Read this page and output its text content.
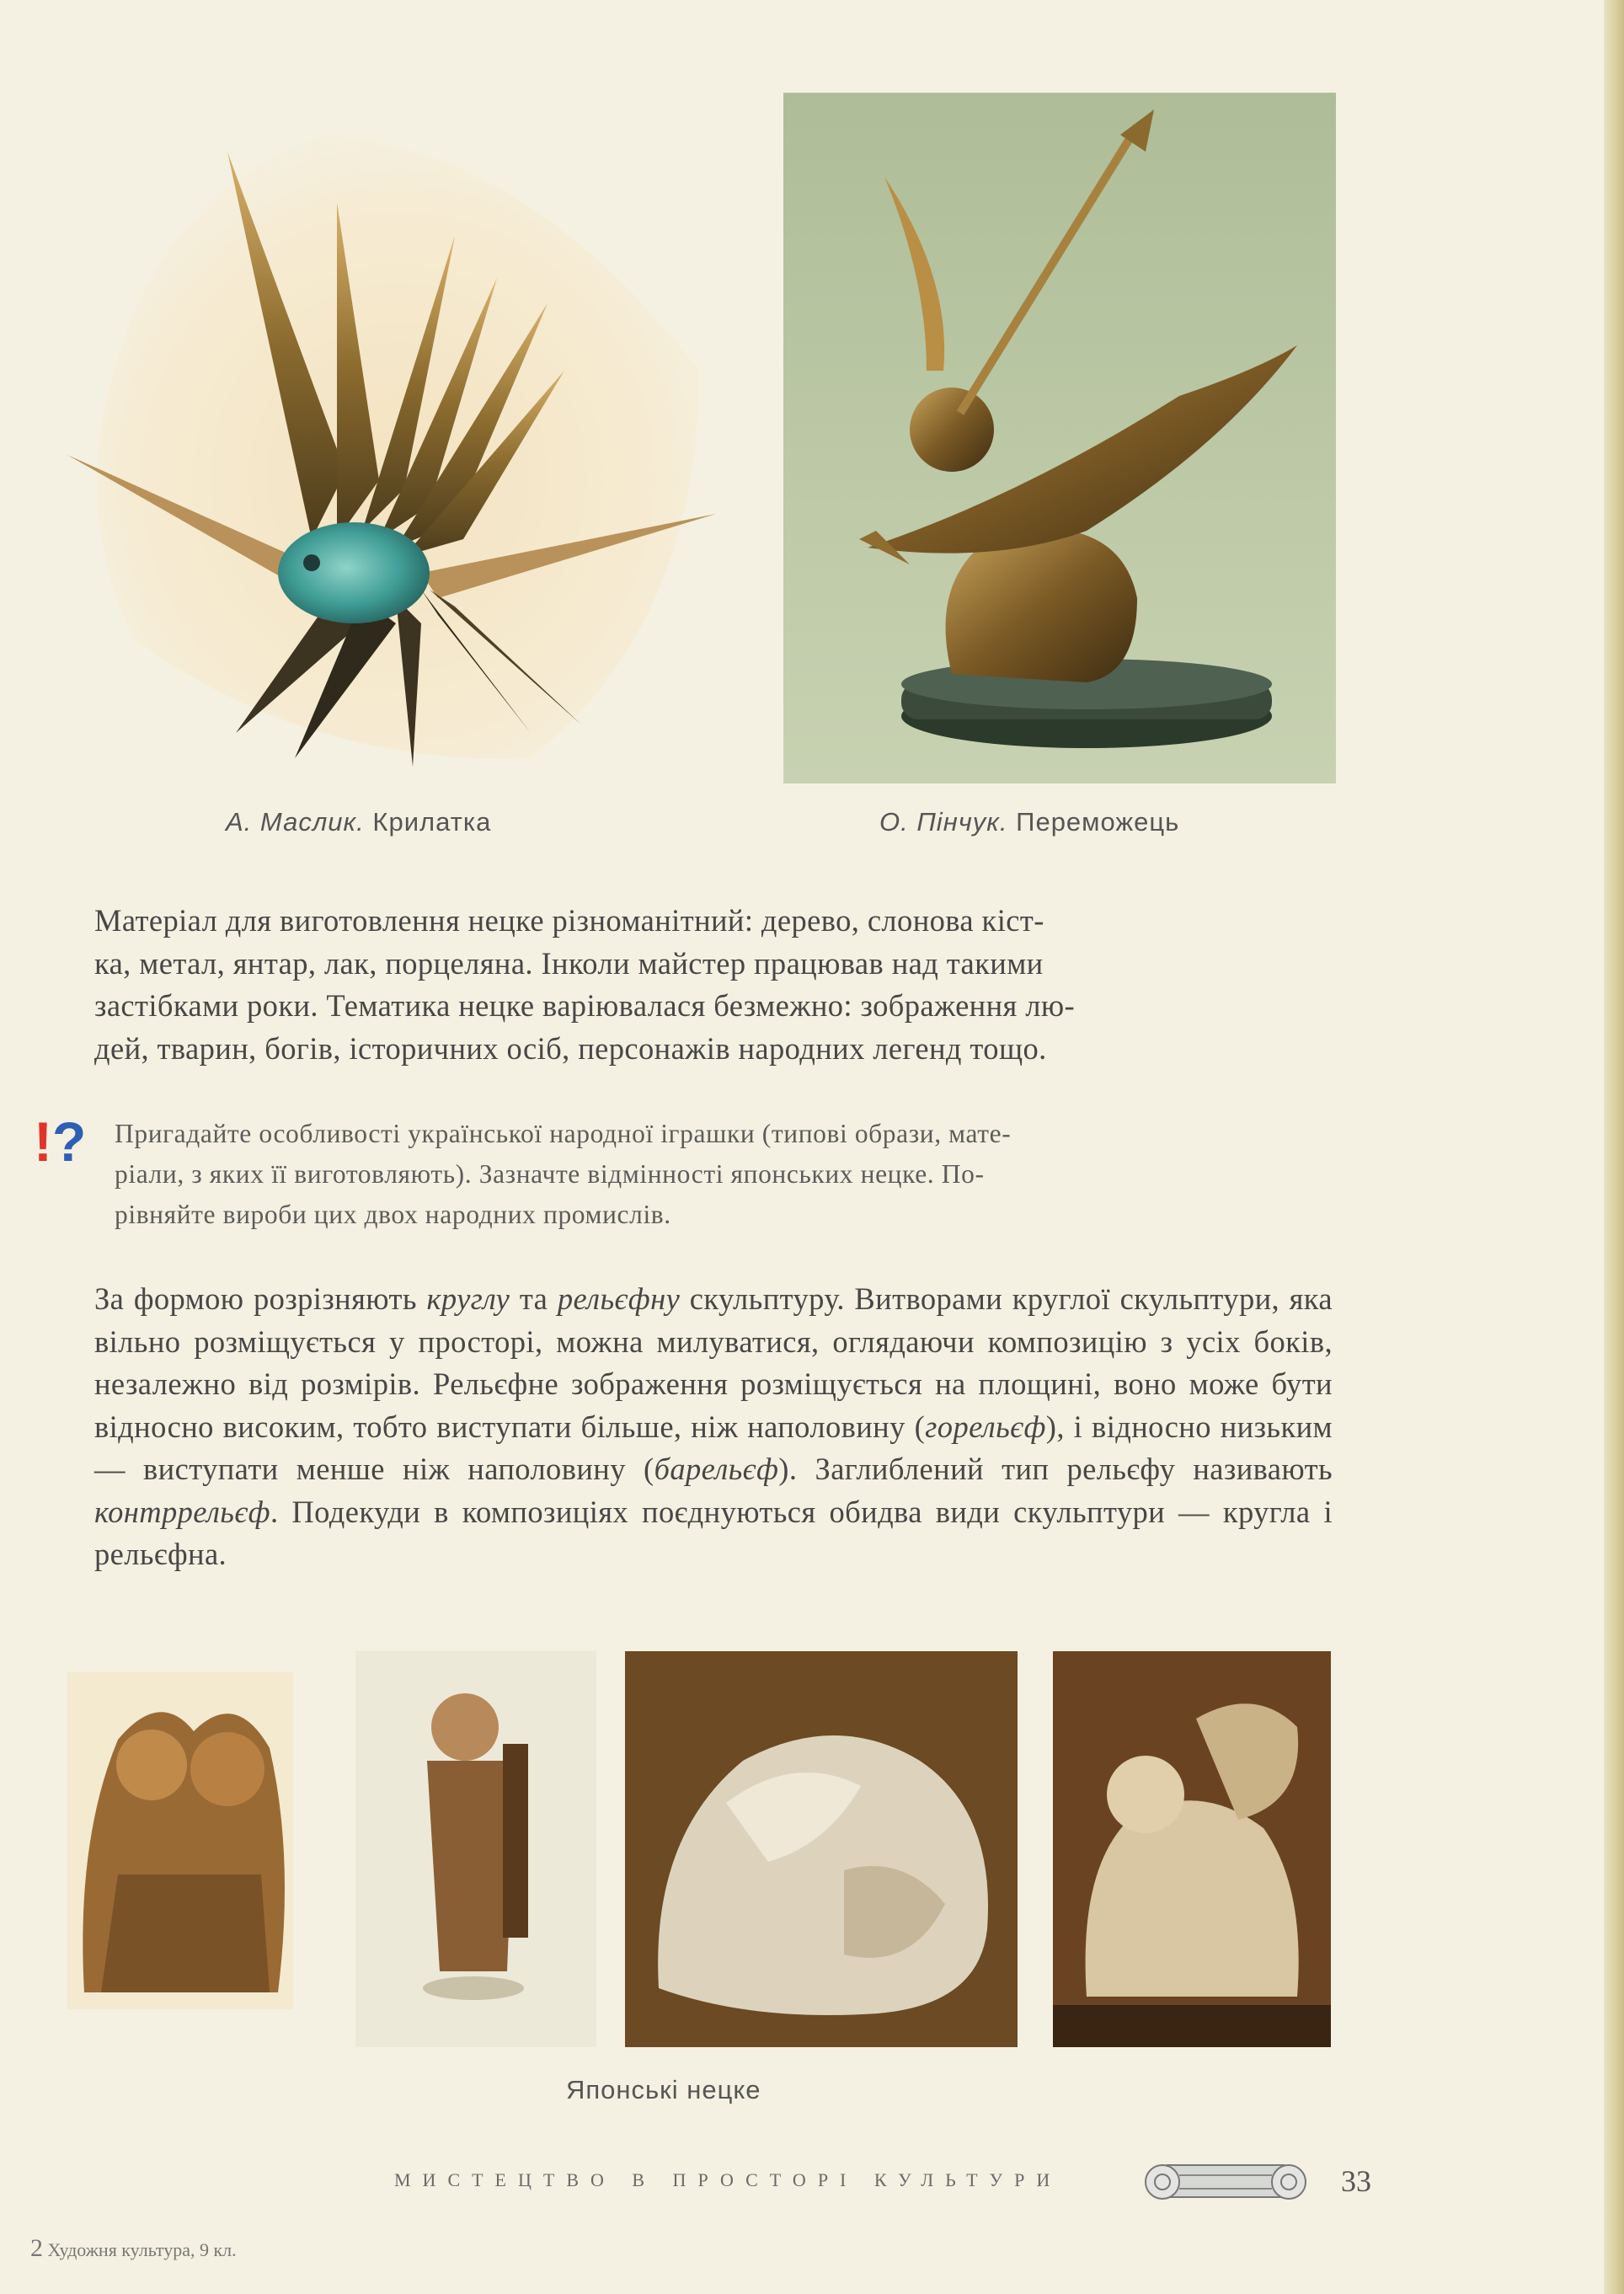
А. Маслик. Крилатка	О. Пінчук. Переможець

Матеріал для виготовлення нецке різноманітний: дерево, слонова кіст-

ка, метал, янтар, лак, порцеляна. Інколи майстер працював над такими

застібками роки. Тематика нецке варіювалася безмежно: зображення лю-

дей, тварин, богів, історичних осіб, персонажів народних легенд тощо.

!? Пригадайте особливості української народної іграшки (типові образи, мате-
ріали, з яких її виготовляють). Зазначте відмінності японських нецке. По-
рівняйте вироби цих двох народних промислів.
За формою розрізняють круглу та рельєфну скульптуру. Витворами круглої скульптури, яка вільно розміщується у просторі, можна милуватися, оглядаючи композицію з усіх боків, незалежно від розмірів. Рельєфне зображення розміщується на площині, воно може бути відносно високим, тобто виступати більше, ніж наполовину (горельєф), і відносно низьким — виступати менше ніж наполовину (барельєф). Заглиблений тип рельєфу називають контррельєф. Подекуди в композиціях поєднуються обидва види скульптури — кругла і рельєфна.
Японські нецке
МИСТЕЦТВО В ПРОСТОРІ КУЛЬТУРИ	33
2 Художня культура, 9 кл.
